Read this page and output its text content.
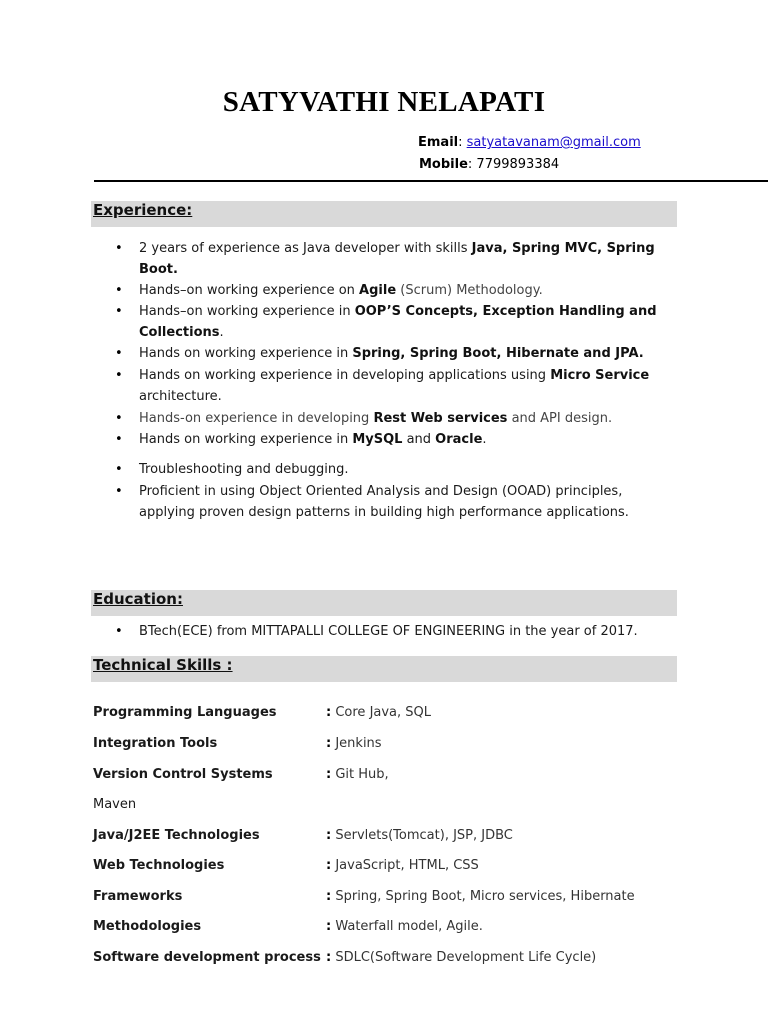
SATYVATHI NELAPATI
Email: satyatavanam@gmail.com
Mobile: 7799893384
Experience:
• 2 years of experience as Java developer with skills Java, Spring MVC, Spring Boot.
• Hands–on working experience on Agile (Scrum) Methodology.
• Hands–on working experience in OOP’S Concepts, Exception Handling and Collections.
• Hands on working experience in Spring, Spring Boot, Hibernate and JPA.
• Hands on working experience in developing applications using Micro Service architecture.
• Hands-on experience in developing Rest Web services and API design.
• Hands on working experience in MySQL and Oracle.
• Troubleshooting and debugging.
• Proficient in using Object Oriented Analysis and Design (OOAD) principles, applying proven design patterns in building high performance applications.
Education:
• BTech(ECE) from MITTAPALLI COLLEGE OF ENGINEERING in the year of 2017.
Technical Skills :
Programming Languages	: Core Java, SQL
Integration Tools	: Jenkins
Version Control Systems	: Git Hub,
Maven
Java/J2EE Technologies	: Servlets(Tomcat), JSP, JDBC
Web Technologies	: JavaScript, HTML, CSS
Frameworks	: Spring, Spring Boot, Micro services, Hibernate
Methodologies	: Waterfall model, Agile.
Software development process : SDLC(Software Development Life Cycle)
